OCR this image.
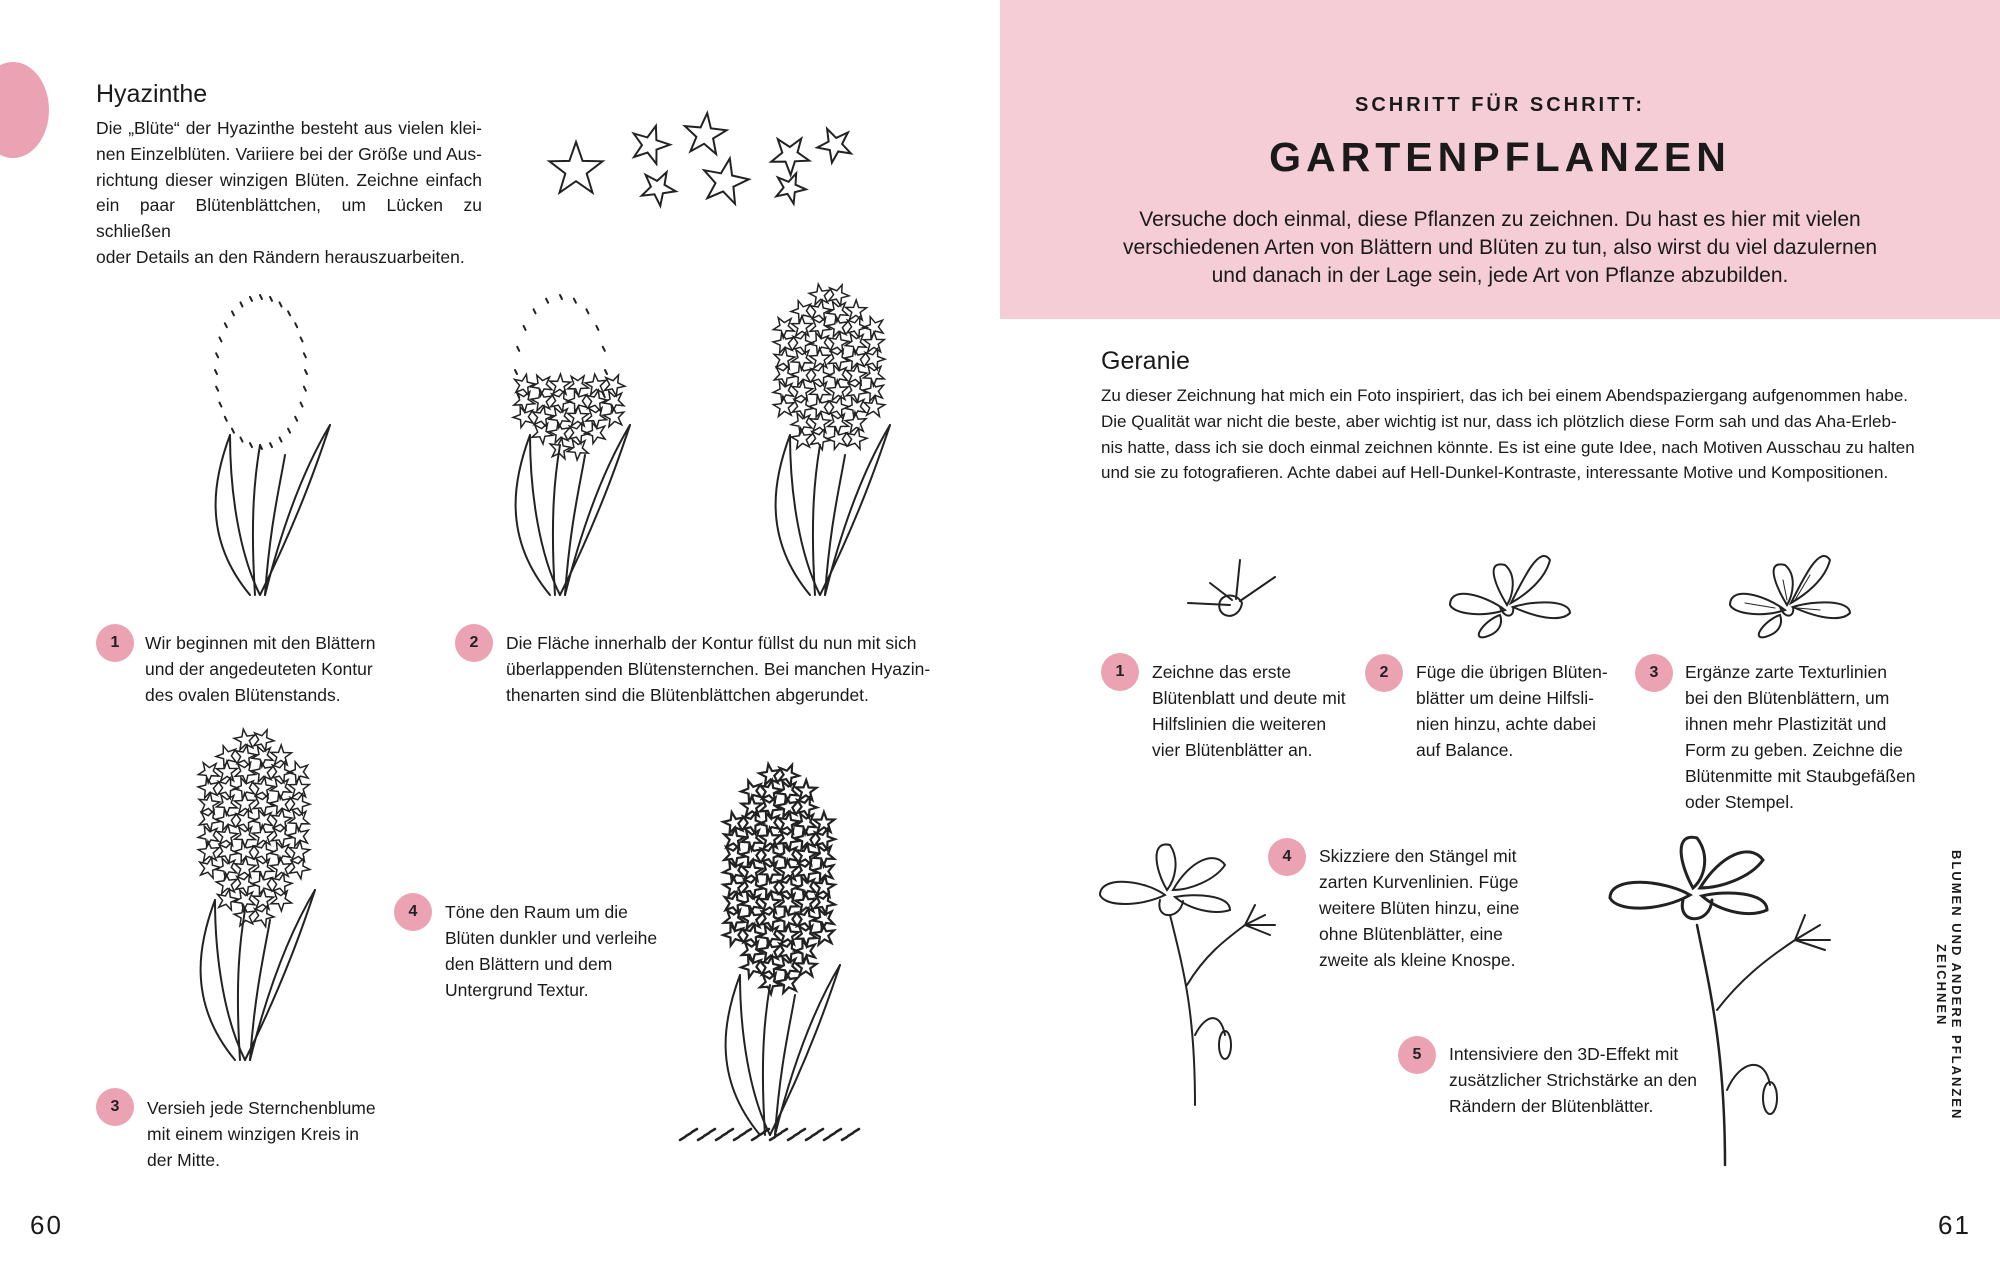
Hyazinthe
Die „Blüte“ der Hyazinthe besteht aus vielen klei-
nen Einzelblüten. Variiere bei der Größe und Aus-
richtung dieser winzigen Blüten. Zeichne einfach
ein paar Blütenblättchen, um Lücken zu schließen
oder Details an den Rändern herauszuarbeiten.
1	Wir beginnen mit den Blättern
und der angedeuteten Kontur
des ovalen Blütenstands.
2	Die Fläche innerhalb der Kontur füllst du nun mit sich
überlappenden Blütensternchen. Bei manchen Hyazin-
thenarten sind die Blütenblättchen abgerundet.
3	Versieh jede Sternchenblume
mit einem winzigen Kreis in
der Mitte.
4	Töne den Raum um die
Blüten dunkler und verleihe
den Blättern und dem
Untergrund Textur.
60
SCHRITT FÜR SCHRITT:
GARTENPFLANZEN
Versuche doch einmal, diese Pflanzen zu zeichnen. Du hast es hier mit vielen
verschiedenen Arten von Blättern und Blüten zu tun, also wirst du viel dazulernen
und danach in der Lage sein, jede Art von Pflanze abzubilden.
Geranie
Zu dieser Zeichnung hat mich ein Foto inspiriert, das ich bei einem Abendspaziergang aufgenommen habe.
Die Qualität war nicht die beste, aber wichtig ist nur, dass ich plötzlich diese Form sah und das Aha-Erleb-
nis hatte, dass ich sie doch einmal zeichnen könnte. Es ist eine gute Idee, nach Motiven Ausschau zu halten
und sie zu fotografieren. Achte dabei auf Hell-Dunkel-Kontraste, interessante Motive und Kompositionen.
1	Zeichne das erste
Blütenblatt und deute mit
Hilfslinien die weiteren
vier Blütenblätter an.
2	Füge die übrigen Blüten-
blätter um deine Hilfsli-
nien hinzu, achte dabei
auf Balance.
3	Ergänze zarte Texturlinien
bei den Blütenblättern, um
ihnen mehr Plastizität und
Form zu geben. Zeichne die
Blütenmitte mit Staubgefäßen
oder Stempel.
4	Skizziere den Stängel mit
zarten Kurvenlinien. Füge
weitere Blüten hinzu, eine
ohne Blütenblätter, eine
zweite als kleine Knospe.
5	Intensiviere den 3D-Effekt mit
zusätzlicher Strichstärke an den
Rändern der Blütenblätter.	BLUMEN UND ANDERE PFLANZEN ZEICHNEN
61
